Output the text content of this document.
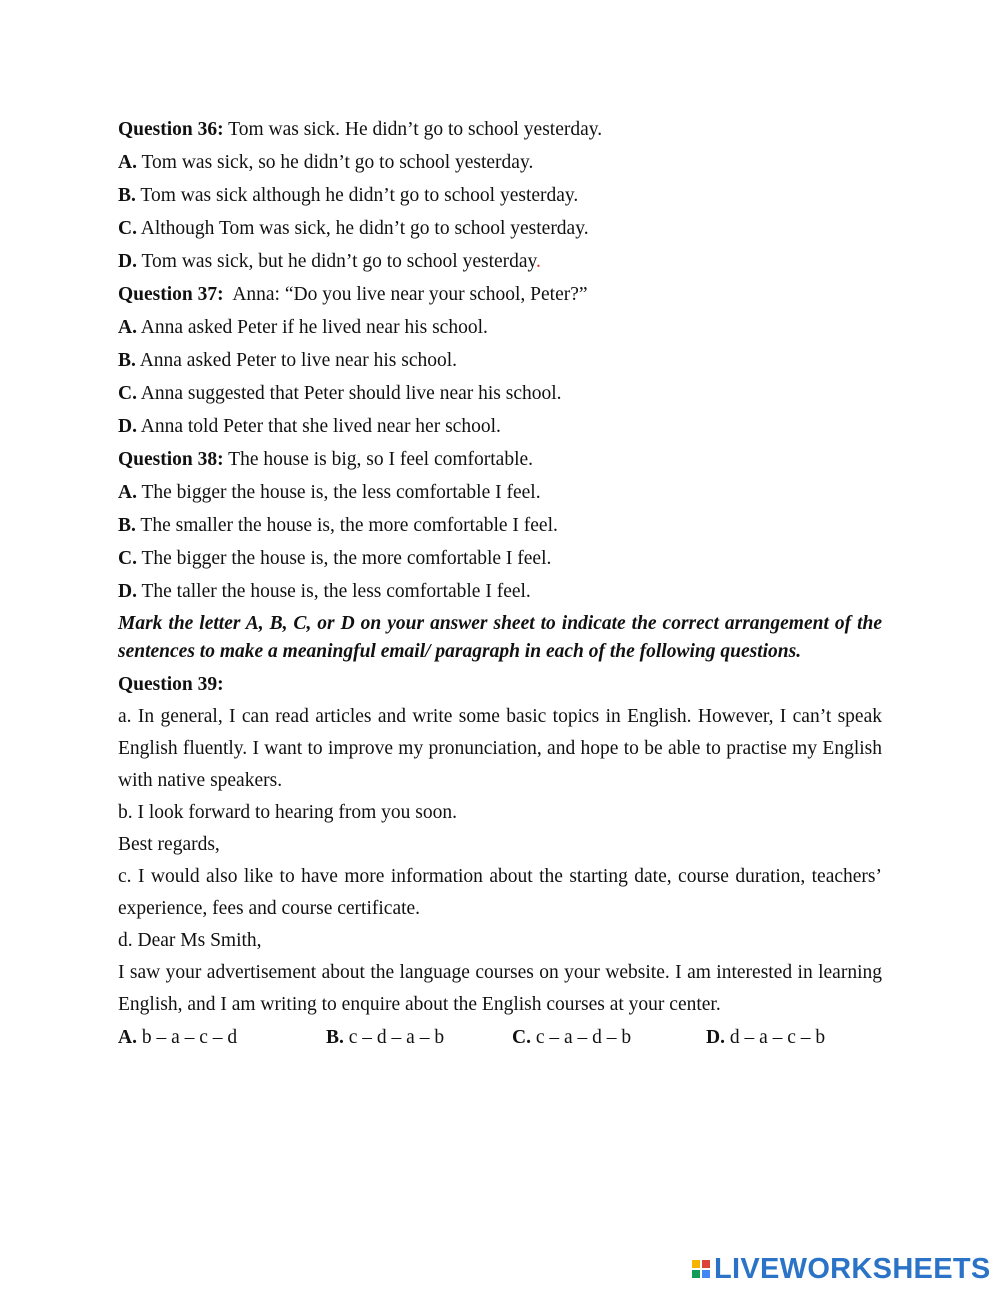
Question 36: Tom was sick. He didn’t go to school yesterday.
A. Tom was sick, so he didn’t go to school yesterday.
B. Tom was sick although he didn’t go to school yesterday.
C. Although Tom was sick, he didn’t go to school yesterday.
D. Tom was sick, but he didn’t go to school yesterday.
Question 37:  Anna: “Do you live near your school, Peter?”
A. Anna asked Peter if he lived near his school.
B. Anna asked Peter to live near his school.
C. Anna suggested that Peter should live near his school.
D. Anna told Peter that she lived near her school.
Question 38: The house is big, so I feel comfortable.
A. The bigger the house is, the less comfortable I feel.
B. The smaller the house is, the more comfortable I feel.
C. The bigger the house is, the more comfortable I feel.
D. The taller the house is, the less comfortable I feel.
Mark the letter A, B, C, or D on your answer sheet to indicate the correct arrangement of the sentences to make a meaningful email/ paragraph in each of the following questions.
Question 39:
a. In general, I can read articles and write some basic topics in English. However, I can’t speak English fluently. I want to improve my pronunciation, and hope to be able to practise my English with native speakers.
b. I look forward to hearing from you soon.
Best regards,
c. I would also like to have more information about the starting date, course duration, teachers’ experience, fees and course certificate.
d. Dear Ms Smith,
I saw your advertisement about the language courses on your website. I am interested in learning English, and I am writing to enquire about the English courses at your center.
A. b – a – c – d	B. c – d – a – b	C. c – a – d – b	D. d – a – c – b
LIVEWORKSHEETS
